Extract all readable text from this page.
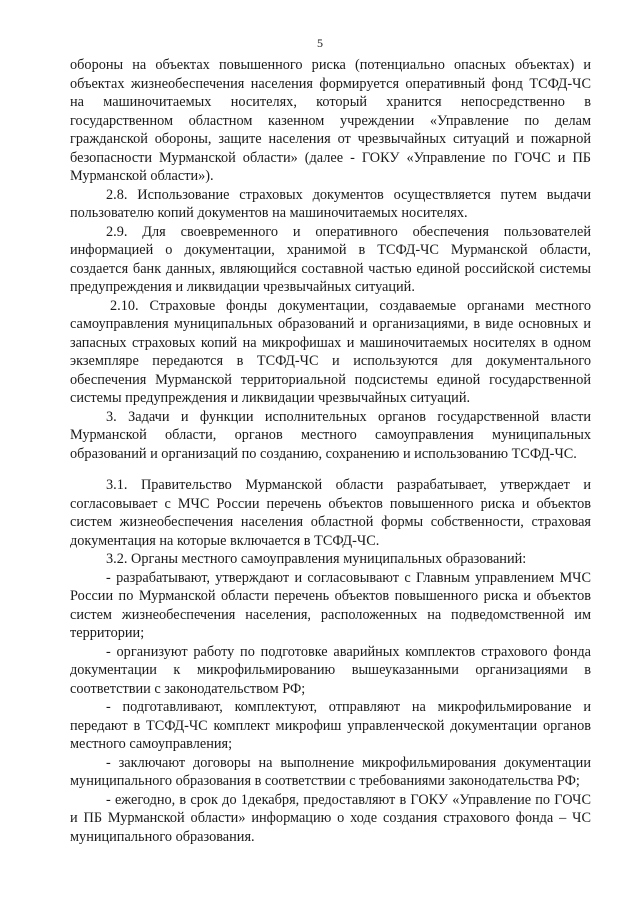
5

обороны на объектах повышенного риска (потенциально опасных объектах) и объектах жизнеобеспечения населения формируется оперативный фонд ТСФД-ЧС на машиночитаемых носителях, который хранится непосредственно в государственном областном казенном учреждении «Управление по делам гражданской обороны, защите населения от чрезвычайных ситуаций и пожарной безопасности Мурманской области» (далее - ГОКУ «Управление по ГОЧС и ПБ Мурманской области»).

2.8. Использование страховых документов осуществляется путем выдачи пользователю копий документов на машиночитаемых носителях.

2.9. Для своевременного и оперативного обеспечения пользователей информацией о документации, хранимой в ТСФД-ЧС Мурманской области, создается банк данных, являющийся составной частью единой российской системы предупреждения и ликвидации чрезвычайных ситуаций.

2.10. Страховые фонды документации, создаваемые органами местного самоуправления муниципальных образований и организациями, в виде основных и запасных страховых копий на микрофишах и машиночитаемых носителях в одном экземпляре передаются в ТСФД-ЧС и используются для документального обеспечения Мурманской территориальной подсистемы единой государственной системы предупреждения и ликвидации чрезвычайных ситуаций.

3. Задачи и функции исполнительных органов государственной власти Мурманской области, органов местного самоуправления муниципальных образований и организаций по созданию, сохранению и использованию ТСФД-ЧС.

3.1. Правительство Мурманской области разрабатывает, утверждает и согласовывает с МЧС России перечень объектов повышенного риска и объектов систем жизнеобеспечения населения областной формы собственности, страховая документация на которые включается в ТСФД-ЧС.

3.2. Органы местного самоуправления муниципальных образований:

- разрабатывают, утверждают и согласовывают с Главным управлением МЧС России по Мурманской области перечень объектов повышенного риска и объектов систем жизнеобеспечения населения, расположенных на подведомственной им территории;

- организуют работу по подготовке аварийных комплектов страхового фонда документации к микрофильмированию вышеуказанными организациями в соответствии с законодательством РФ;

- подготавливают, комплектуют, отправляют на микрофильмирование и передают в ТСФД-ЧС комплект микрофиш управленческой документации органов местного самоуправления;

- заключают договоры на выполнение микрофильмирования документации муниципального образования в соответствии с требованиями законодательства РФ;

- ежегодно, в срок до 1декабря, предоставляют в ГОКУ «Управление по ГОЧС и ПБ Мурманской области» информацию о ходе создания страхового фонда – ЧС муниципального образования.
